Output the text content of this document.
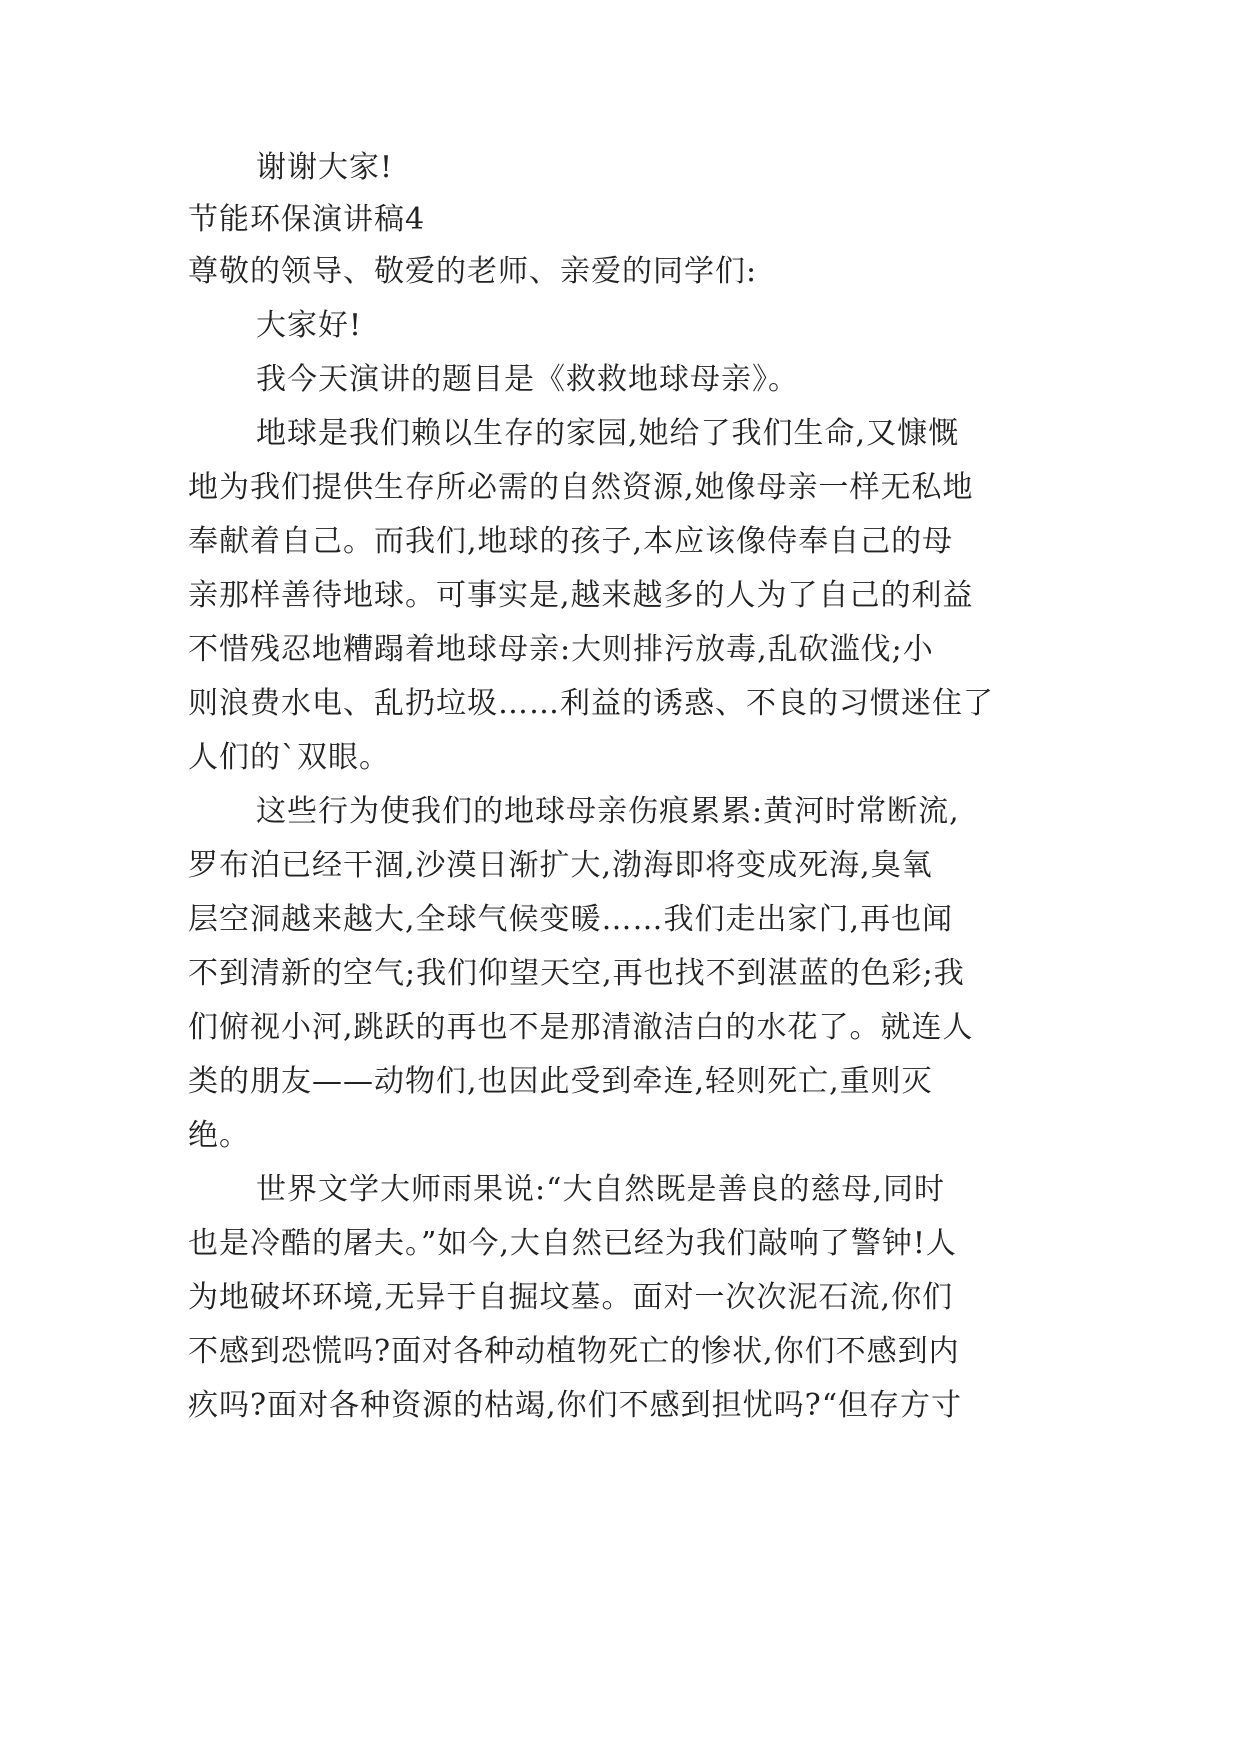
谢谢大家!
节能环保演讲稿4
尊敬的领导、敬爱的老师、亲爱的同学们:
大家好!
我今天演讲的题目是《救救地球母亲》。
地球是我们赖以生存的家园,她给了我们生命,又慷慨
地为我们提供生存所必需的自然资源,她像母亲一样无私地
奉献着自己。而我们,地球的孩子,本应该像侍奉自己的母
亲那样善待地球。可事实是,越来越多的人为了自己的利益
不惜残忍地糟蹋着地球母亲:大则排污放毒,乱砍滥伐;小
则浪费水电、乱扔垃圾……利益的诱惑、不良的习惯迷住了
人们的`双眼。
这些行为使我们的地球母亲伤痕累累:黄河时常断流,
罗布泊已经干涸,沙漠日渐扩大,渤海即将变成死海,臭氧
层空洞越来越大,全球气候变暖……我们走出家门,再也闻
不到清新的空气;我们仰望天空,再也找不到湛蓝的色彩;我
们俯视小河,跳跃的再也不是那清澈洁白的水花了。就连人
类的朋友——动物们,也因此受到牵连,轻则死亡,重则灭
绝。
世界文学大师雨果说:“大自然既是善良的慈母,同时
也是冷酷的屠夫。”如今,大自然已经为我们敲响了警钟!人
为地破坏环境,无异于自掘坟墓。面对一次次泥石流,你们
不感到恐慌吗?面对各种动植物死亡的惨状,你们不感到内
疚吗?面对各种资源的枯竭,你们不感到担忧吗?“但存方寸
